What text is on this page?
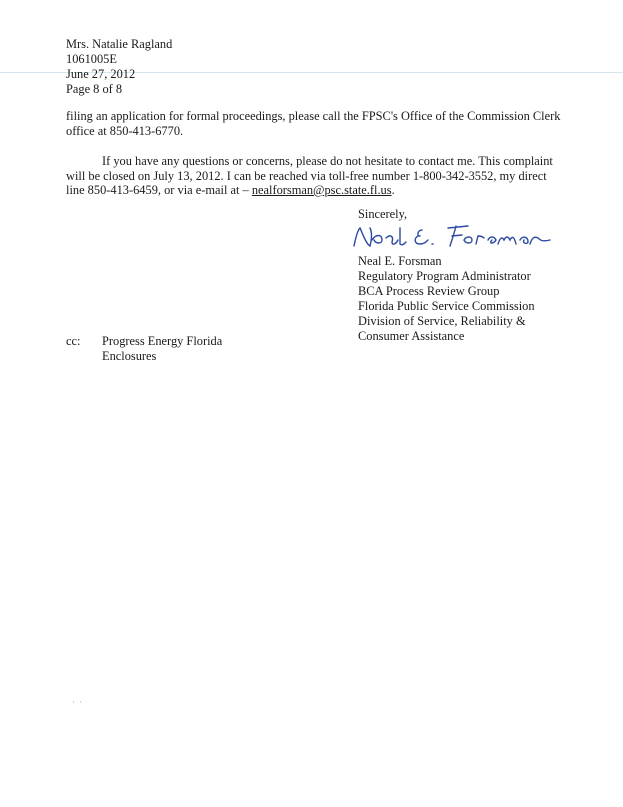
Mrs. Natalie Ragland
1061005E
June 27, 2012
Page 8 of 8

filing an application for formal proceedings, please call the FPSC's Office of the Commission Clerk office at 850-413-6770.

If you have any questions or concerns, please do not hesitate to contact me. This complaint will be closed on July 13, 2012. I can be reached via toll-free number 1-800-342-3552, my direct line 850-413-6459, or via e-mail at – nealforsman@psc.state.fl.us.

Sincerely,
Neal E. Forsman
Regulatory Program Administrator
BCA Process Review Group
Florida Public Service Commission
Division of Service, Reliability &
Consumer Assistance
cc: Progress Energy Florida
Enclosures
· ·
